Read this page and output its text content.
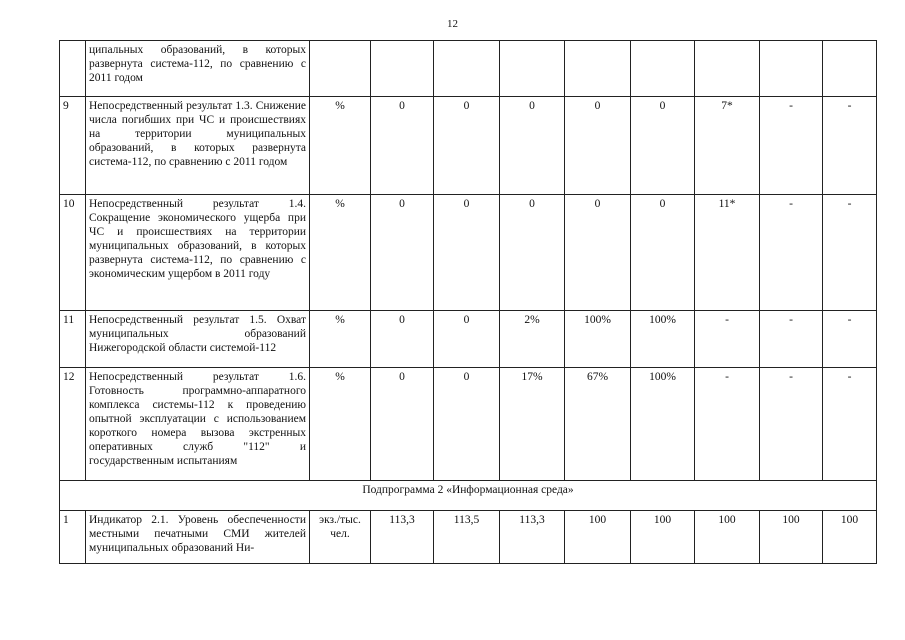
12
	ципальных образований, в которых развернута система-112, по сравнению с 2011 годом									
9	Непосредственный результат 1.3. Снижение числа погибших при ЧС и происшествиях на территории муниципальных образований, в которых развернута система-112, по сравнению с 2011 годом	%	0	0	0	0	0	7*	-	-
10	Непосредственный результат 1.4. Сокращение экономического ущерба при ЧС и происшествиях на территории муниципальных образований, в которых развернута система-112, по сравнению с экономическим ущербом в 2011 году	%	0	0	0	0	0	11*	-	-
11	Непосредственный результат 1.5. Охват муниципальных образований Нижегородской области системой-112	%	0	0	2%	100%	100%	-	-	-
12	Непосредственный результат 1.6. Готовность программно-аппаратного комплекса системы-112 к проведению опытной эксплуатации с использованием короткого номера вызова экстренных оперативных служб "112" и государственным испытаниям	%	0	0	17%	67%	100%	-	-	-
Подпрограмма 2 «Информационная среда»										
1	Индикатор 2.1. Уровень обеспеченности местными печатными СМИ жителей муниципальных образований Ни-	экз./тыс. чел.	113,3	113,5	113,3	100	100	100	100	100
